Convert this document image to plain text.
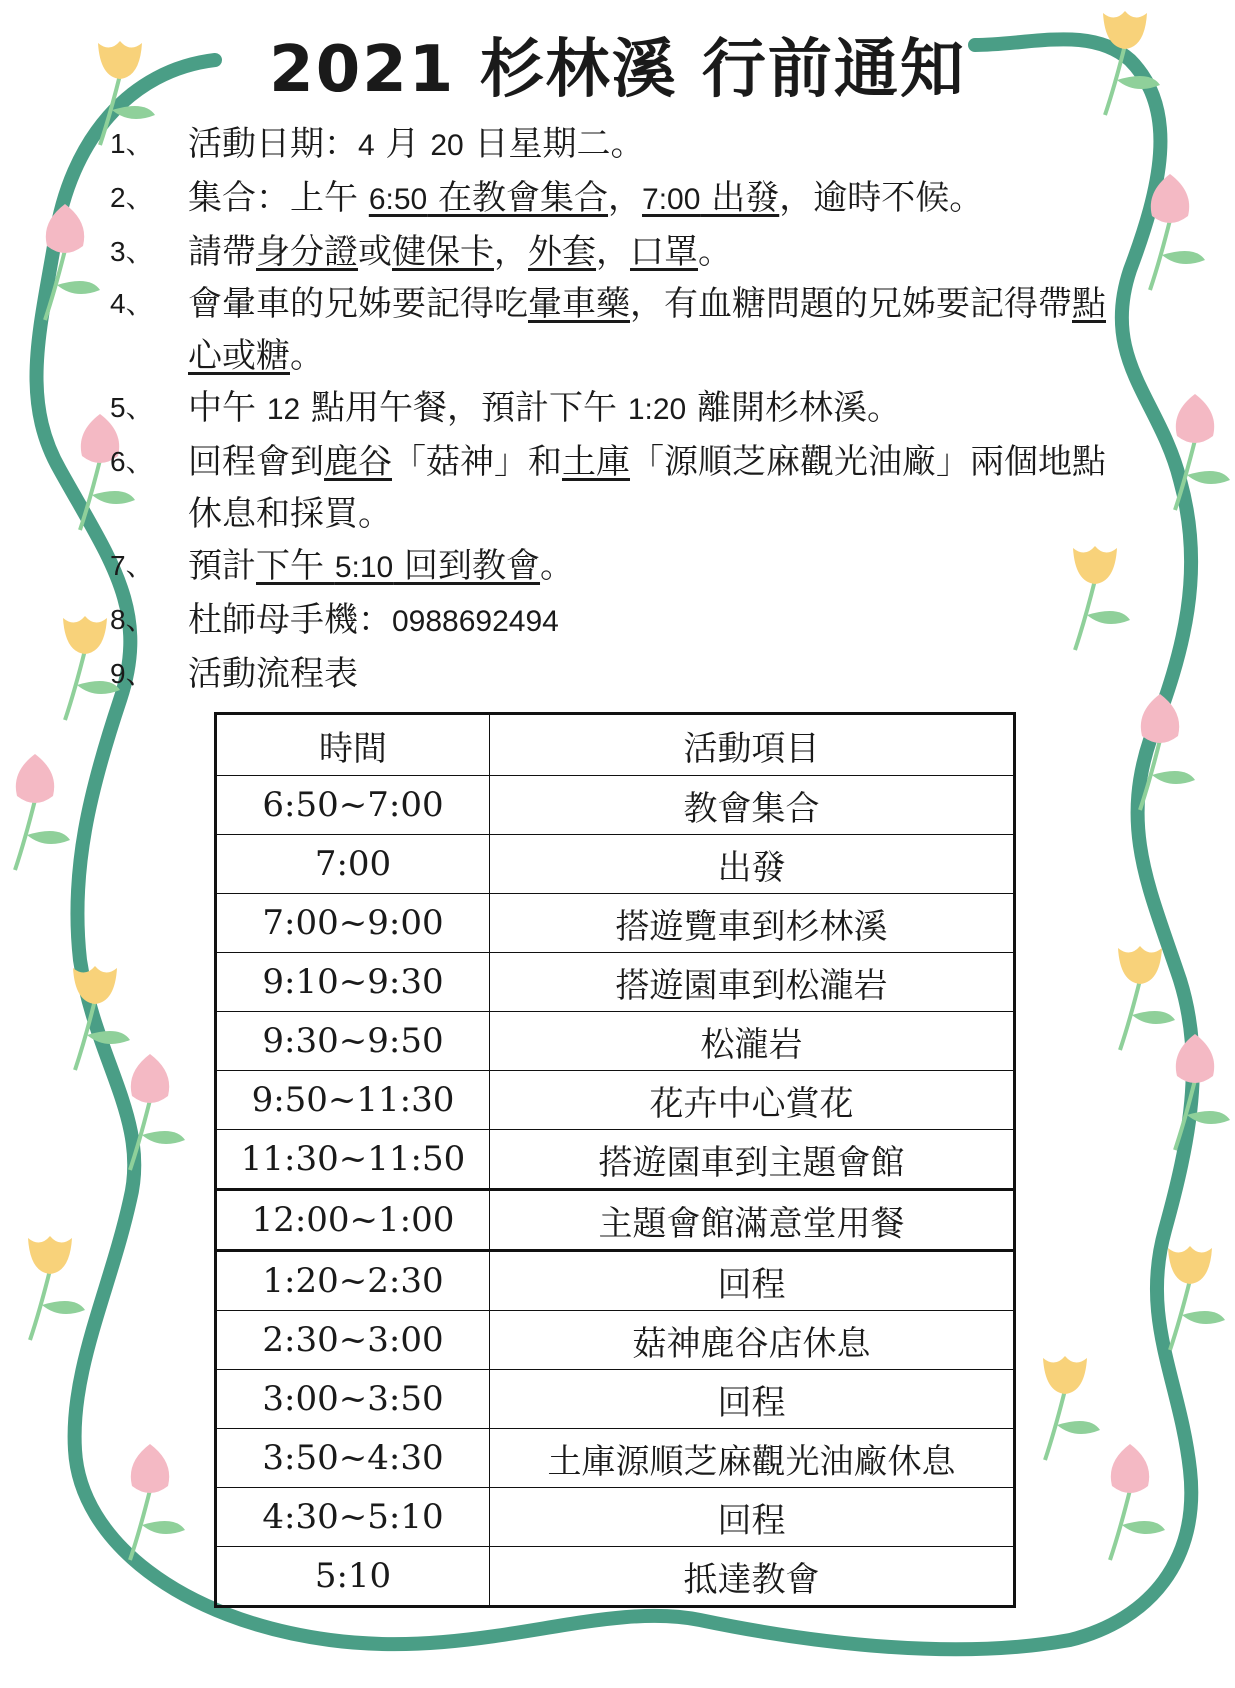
2021 杉林溪 行前通知
1、	活動日期：4 月 20 日星期二。
2、	集合：上午 6:50 在教會集合，7:00 出發，逾時不候。
3、	請帶身分證或健保卡，外套，口罩。
4、	會暈車的兄姊要記得吃暈車藥，有血糖問題的兄姊要記得帶點心或糖。
5、	中午 12 點用午餐，預計下午 1:20 離開杉林溪。
6、	回程會到鹿谷「菇神」和土庫「源順芝麻觀光油廠」兩個地點休息和採買。
7、	預計下午 5:10 回到教會。
8、	杜師母手機：0988692494
9、	活動流程表
時間	活動項目
6:50~7:00	教會集合
7:00	出發
7:00~9:00	搭遊覽車到杉林溪
9:10~9:30	搭遊園車到松瀧岩
9:30~9:50	松瀧岩
9:50~11:30	花卉中心賞花
11:30~11:50	搭遊園車到主題會館
12:00~1:00	主題會館滿意堂用餐
1:20~2:30	回程
2:30~3:00	菇神鹿谷店休息
3:00~3:50	回程
3:50~4:30	土庫源順芝麻觀光油廠休息
4:30~5:10	回程
5:10	抵達教會
